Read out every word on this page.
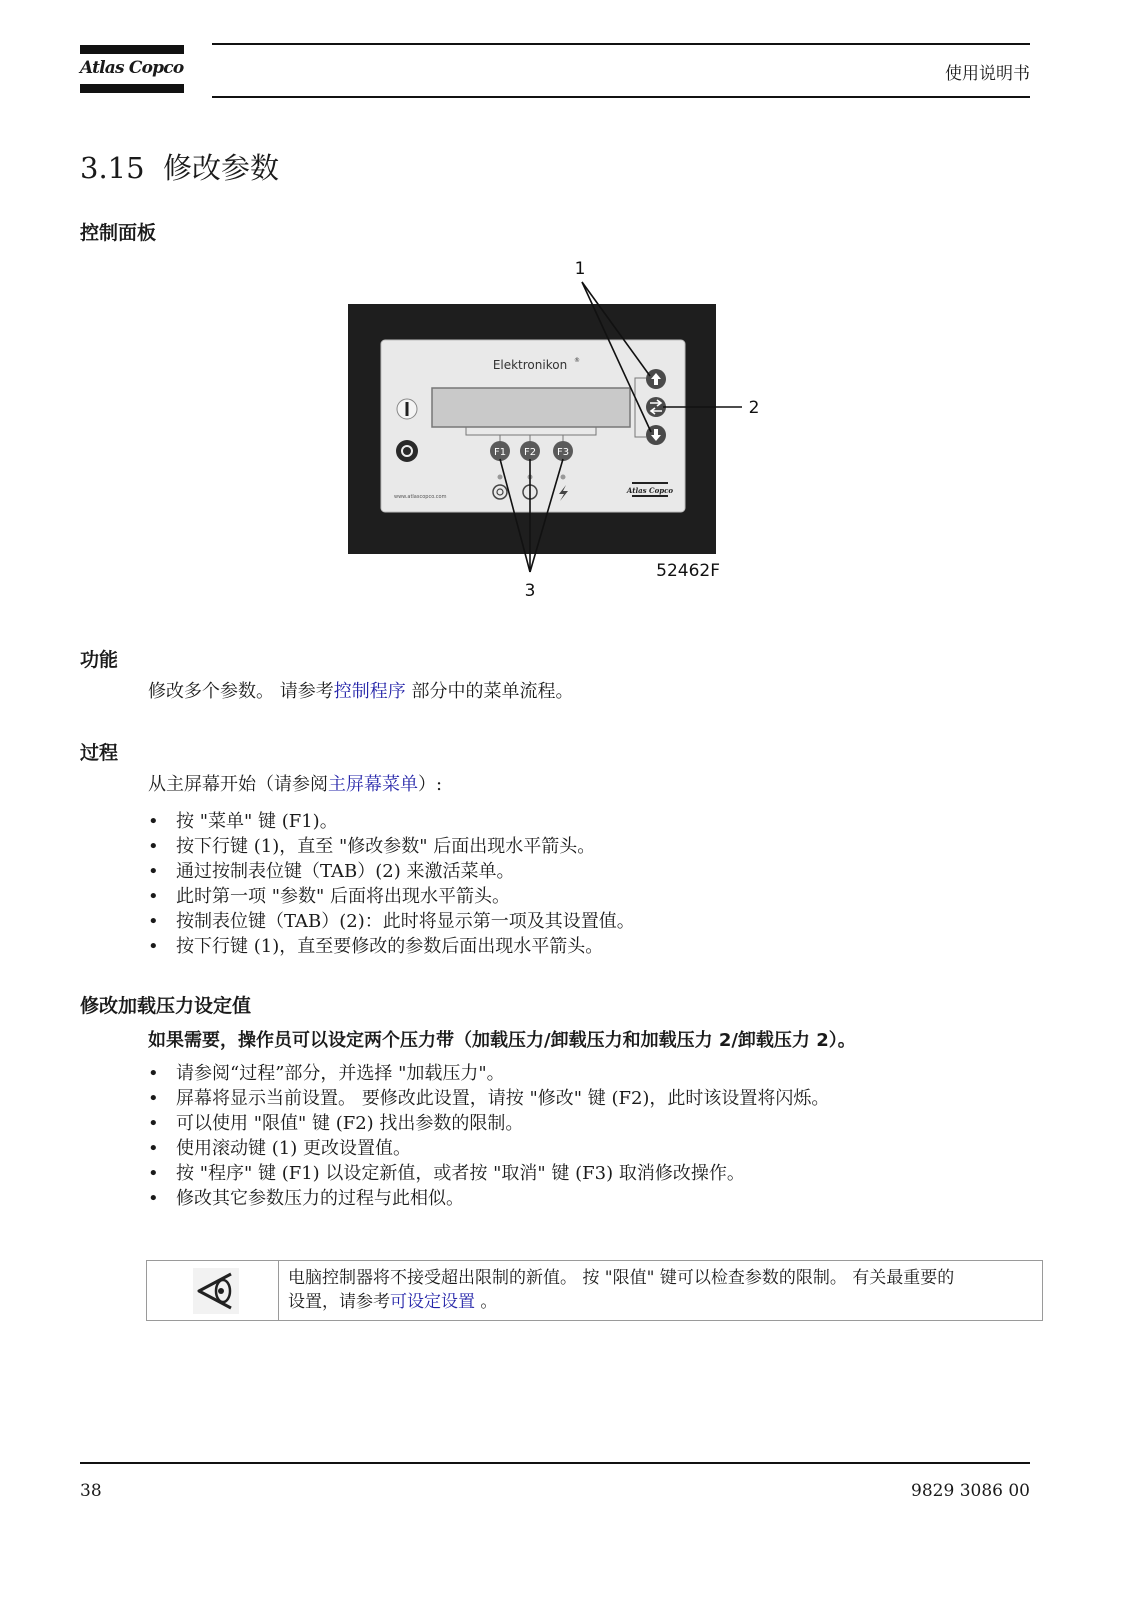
Atlas Copco	使用说明书
3.15  修改参数
控制面板
Elektronikon ®
F1 F2 F3
www.atlascopco.com
Atlas Copco
1
2
3
52462F
功能
修改多个参数。 请参考控制程序 部分中的菜单流程。
过程
从主屏幕开始（请参阅主屏幕菜单）:
• 按 "菜单" 键 (F1)。
• 按下行键 (1)，直至 "修改参数" 后面出现水平箭头。
• 通过按制表位键（TAB）(2) 来激活菜单。
• 此时第一项 "参数" 后面将出现水平箭头。
• 按制表位键（TAB）(2)：此时将显示第一项及其设置值。
• 按下行键 (1)，直至要修改的参数后面出现水平箭头。
修改加载压力设定值
如果需要，操作员可以设定两个压力带（加载压力/卸载压力和加载压力 2/卸载压力 2）。
• 请参阅“过程”部分，并选择 "加载压力"。
• 屏幕将显示当前设置。 要修改此设置，请按 "修改" 键 (F2)，此时该设置将闪烁。
• 可以使用 "限值" 键 (F2) 找出参数的限制。
• 使用滚动键 (1) 更改设置值。
• 按 "程序" 键 (F1) 以设定新值，或者按 "取消" 键 (F3) 取消修改操作。
• 修改其它参数压力的过程与此相似。
电脑控制器将不接受超出限制的新值。 按 "限值" 键可以检查参数的限制。 有关最重要的
设置，请参考可设定设置 。
38	9829 3086 00
